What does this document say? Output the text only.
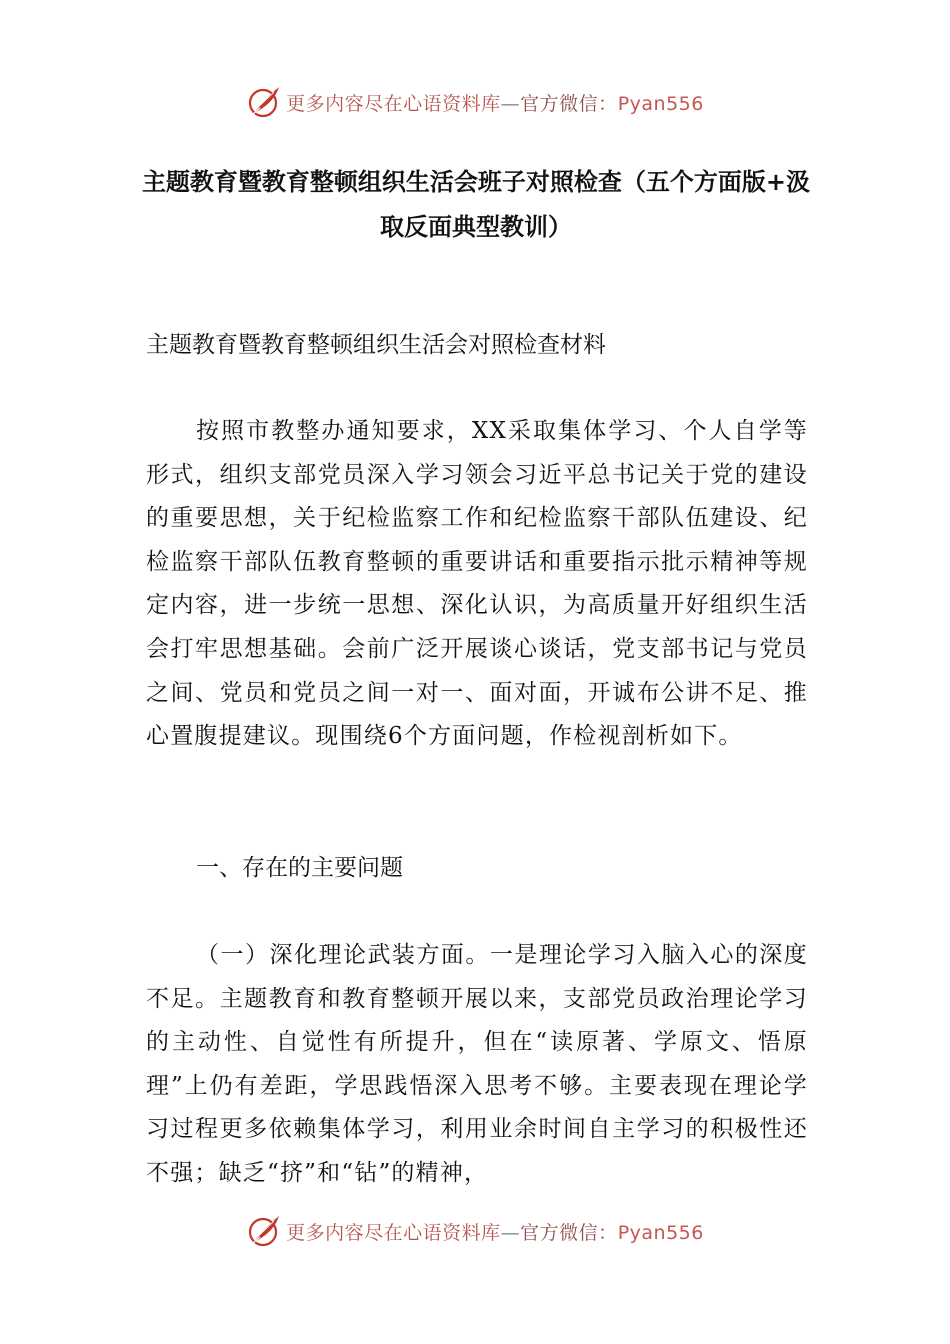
更多内容尽在心语资料库—官方微信：Pyan556
主题教育暨教育整顿组织生活会班子对照检查（五个方面版+汲取反面典型教训）

主题教育暨教育整顿组织生活会对照检查材料

按照市教整办通知要求，XX采取集体学习、个人自学等形式，组织支部党员深入学习领会习近平总书记关于党的建设的重要思想，关于纪检监察工作和纪检监察干部队伍建设、纪检监察干部队伍教育整顿的重要讲话和重要指示批示精神等规定内容，进一步统一思想、深化认识，为高质量开好组织生活会打牢思想基础。会前广泛开展谈心谈话，党支部书记与党员之间、党员和党员之间一对一、面对面，开诚布公讲不足、推心置腹提建议。现围绕6个方面问题，作检视剖析如下。

一、存在的主要问题

（一）深化理论武装方面。一是理论学习入脑入心的深度不足。主题教育和教育整顿开展以来，支部党员政治理论学习的主动性、自觉性有所提升，但在“读原著、学原文、悟原理”上仍有差距，学思践悟深入思考不够。主要表现在理论学习过程更多依赖集体学习，利用业余时间自主学习的积极性还不强；缺乏“挤”和“钻”的精神，

更多内容尽在心语资料库—官方微信：Pyan556
